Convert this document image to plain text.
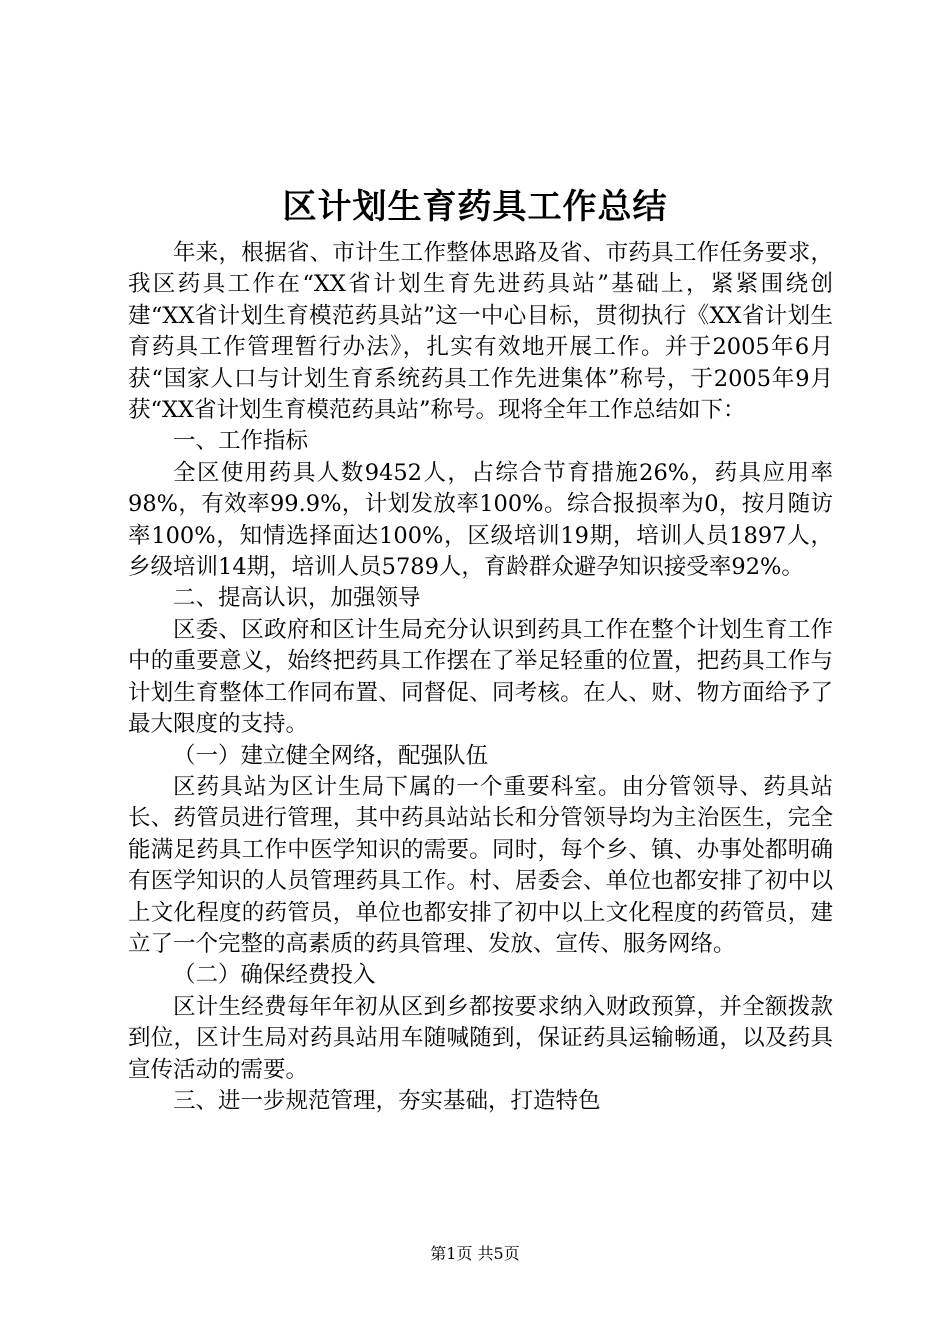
区计划生育药具工作总结

年来，根据省、市计生工作整体思路及省、市药具工作任务要求，我区药具工作在“XX省计划生育先进药具站”基础上，紧紧围绕创建“XX省计划生育模范药具站”这一中心目标，贯彻执行《XX省计划生育药具工作管理暂行办法》，扎实有效地开展工作。并于2005年6月获“国家人口与计划生育系统药具工作先进集体”称号，于2005年9月获“XX省计划生育模范药具站”称号。现将全年工作总结如下：

一、工作指标

全区使用药具人数9452人，占综合节育措施26%，药具应用率98%，有效率99.9%，计划发放率100%。综合报损率为0，按月随访率100%，知情选择面达100%，区级培训19期，培训人员1897人，乡级培训14期，培训人员5789人，育龄群众避孕知识接受率92%。

二、提高认识，加强领导

区委、区政府和区计生局充分认识到药具工作在整个计划生育工作中的重要意义，始终把药具工作摆在了举足轻重的位置，把药具工作与计划生育整体工作同布置、同督促、同考核。在人、财、物方面给予了最大限度的支持。

（一）建立健全网络，配强队伍

区药具站为区计生局下属的一个重要科室。由分管领导、药具站长、药管员进行管理，其中药具站站长和分管领导均为主治医生，完全能满足药具工作中医学知识的需要。同时，每个乡、镇、办事处都明确有医学知识的人员管理药具工作。村、居委会、单位也都安排了初中以上文化程度的药管员，单位也都安排了初中以上文化程度的药管员，建立了一个完整的高素质的药具管理、发放、宣传、服务网络。

（二）确保经费投入

区计生经费每年年初从区到乡都按要求纳入财政预算，并全额拨款到位，区计生局对药具站用车随喊随到，保证药具运输畅通，以及药具宣传活动的需要。

三、进一步规范管理，夯实基础，打造特色

第1页 共5页
